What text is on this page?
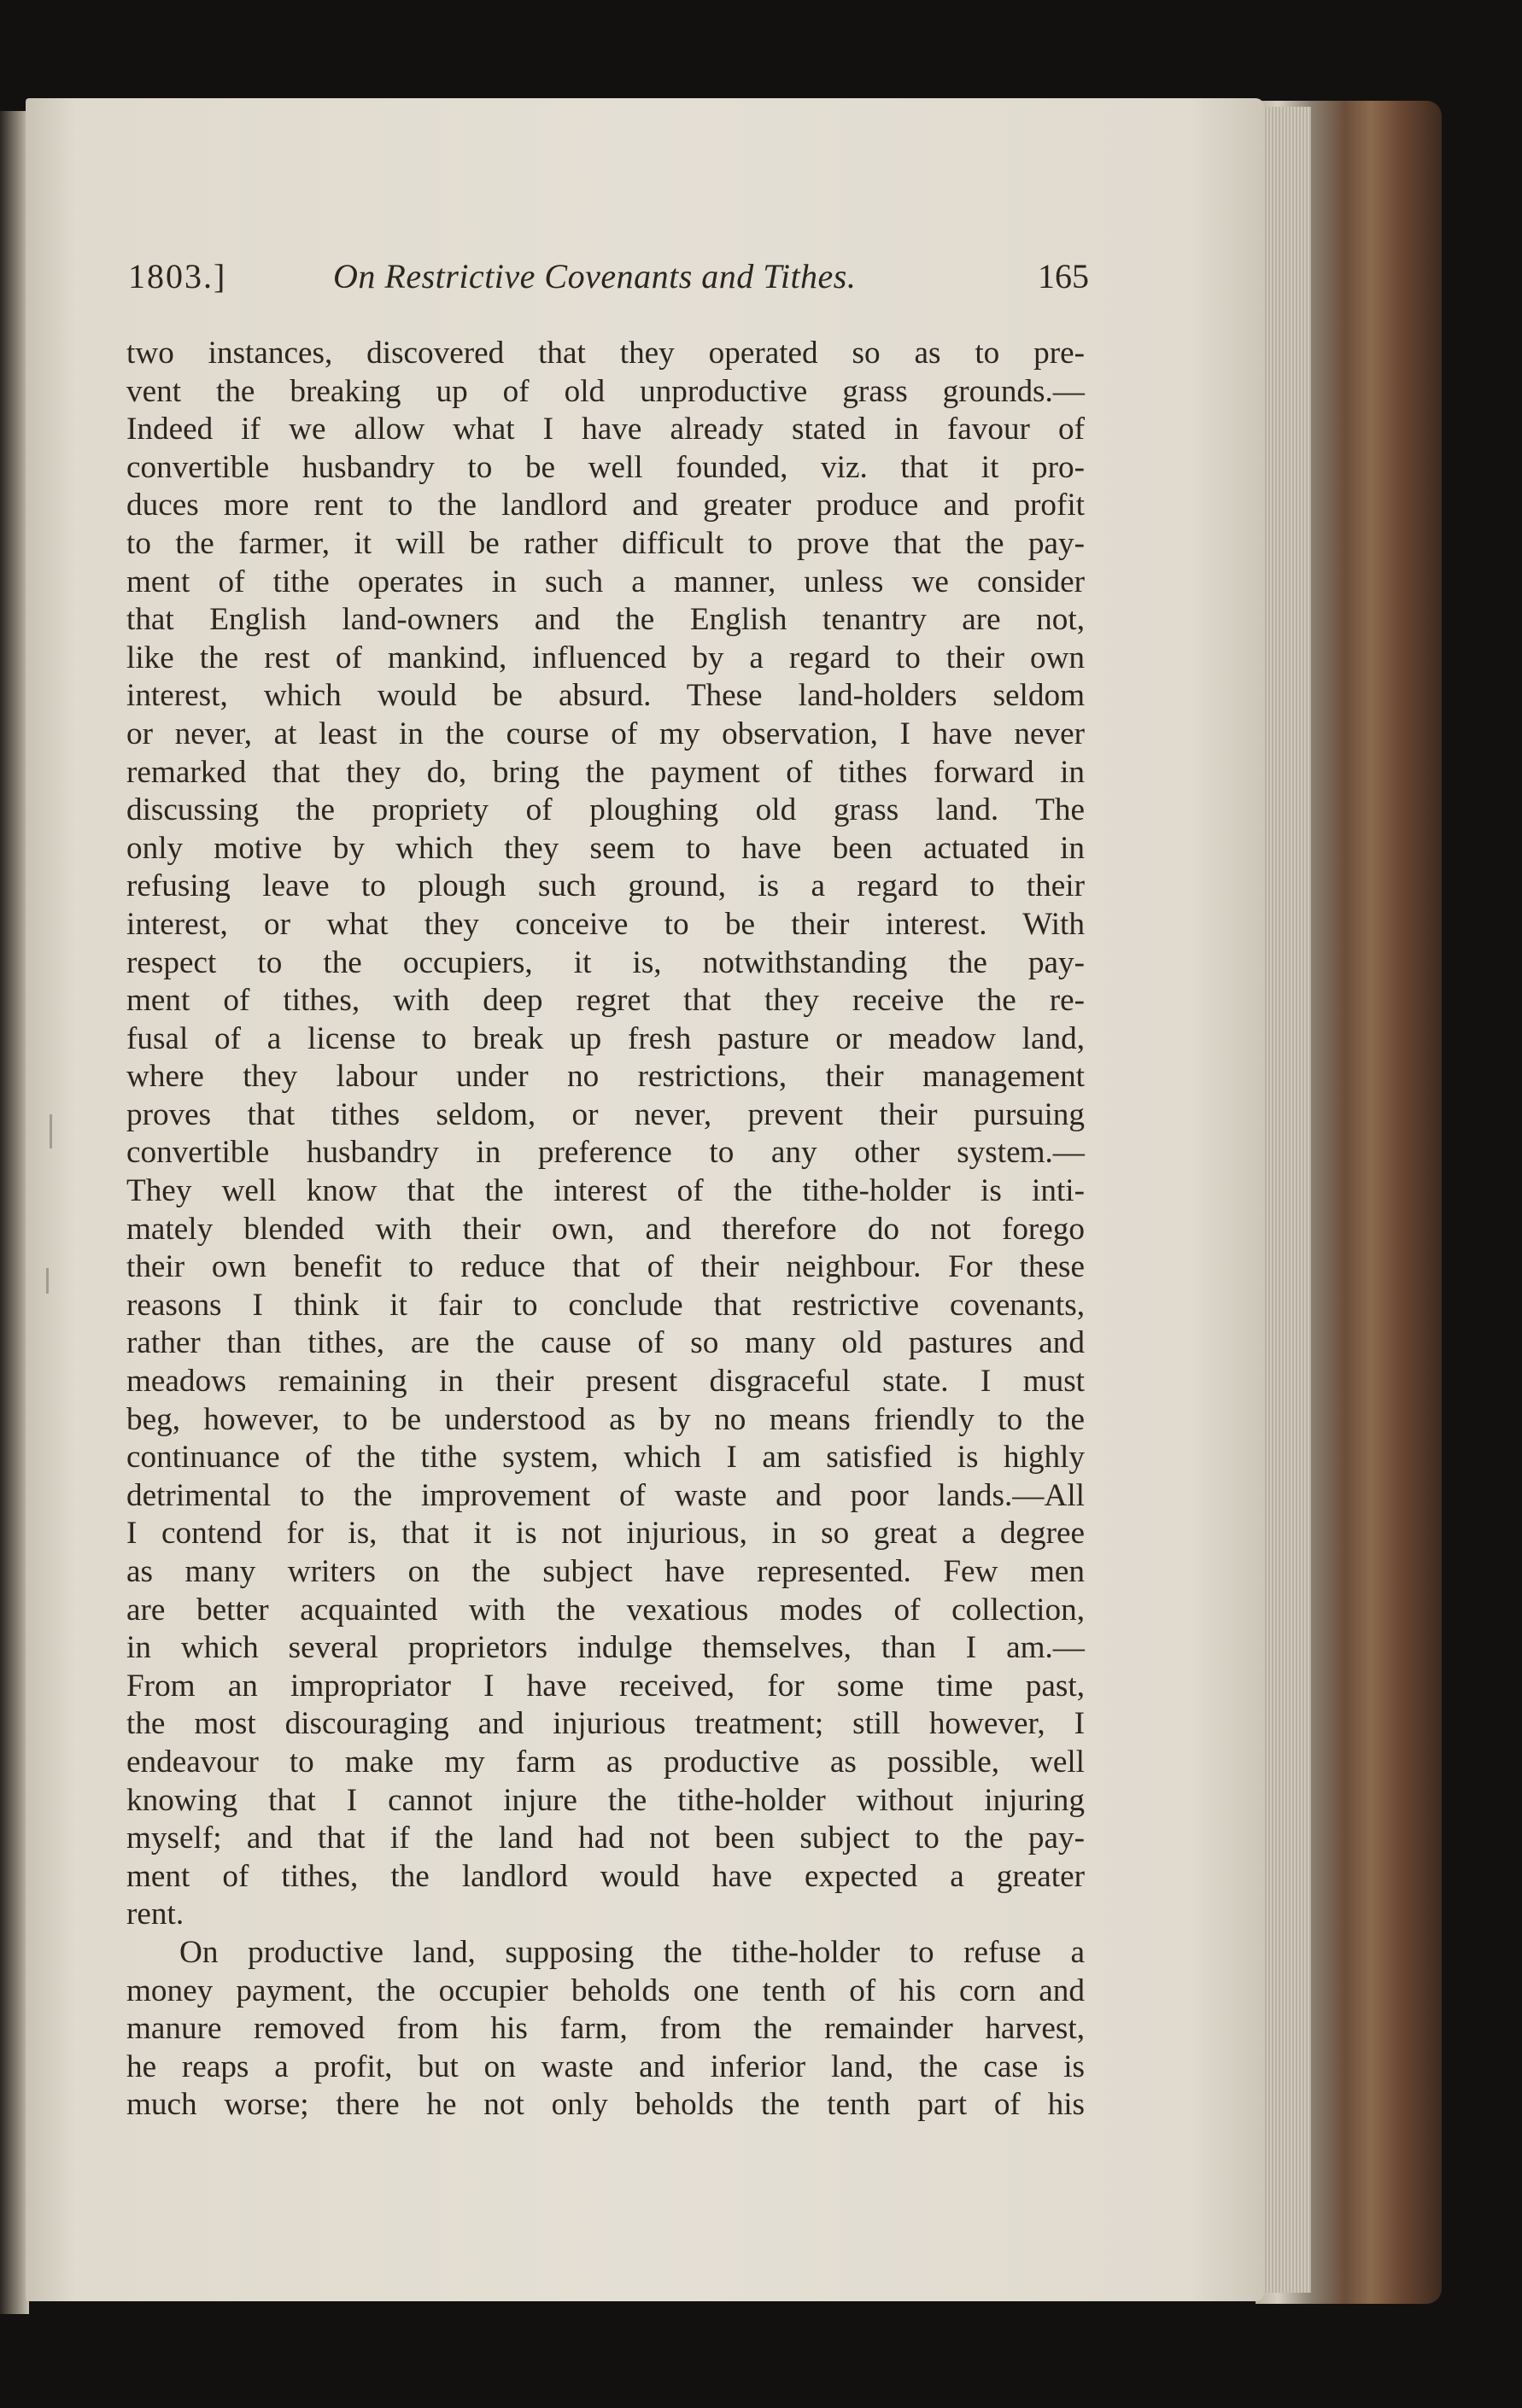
1803.]	On Restrictive Covenants and Tithes.	165
two instances, discovered that they operated so as to pre-
vent the breaking up of old unproductive grass grounds.—
Indeed if we allow what I have already stated in favour of
convertible husbandry to be well founded, viz. that it pro-
duces more rent to the landlord and greater produce and profit
to the farmer, it will be rather difficult to prove that the pay-
ment of tithe operates in such a manner, unless we consider
that English land-owners and the English tenantry are not,
like the rest of mankind, influenced by a regard to their own
interest, which would be absurd. These land-holders seldom
or never, at least in the course of my observation, I have never
remarked that they do, bring the payment of tithes forward in
discussing the propriety of ploughing old grass land. The
only motive by which they seem to have been actuated in
refusing leave to plough such ground, is a regard to their
interest, or what they conceive to be their interest. With
respect to the occupiers, it is, notwithstanding the pay-
ment of tithes, with deep regret that they receive the re-
fusal of a license to break up fresh pasture or meadow land,
where they labour under no restrictions, their management
proves that tithes seldom, or never, prevent their pursuing
convertible husbandry in preference to any other system.—
They well know that the interest of the tithe-holder is inti-
mately blended with their own, and therefore do not forego
their own benefit to reduce that of their neighbour. For these
reasons I think it fair to conclude that restrictive covenants,
rather than tithes, are the cause of so many old pastures and
meadows remaining in their present disgraceful state. I must
beg, however, to be understood as by no means friendly to the
continuance of the tithe system, which I am satisfied is highly
detrimental to the improvement of waste and poor lands.—All
I contend for is, that it is not injurious, in so great a degree
as many writers on the subject have represented. Few men
are better acquainted with the vexatious modes of collection,
in which several proprietors indulge themselves, than I am.—
From an impropriator I have received, for some time past,
the most discouraging and injurious treatment; still however, I
endeavour to make my farm as productive as possible, well
knowing that I cannot injure the tithe-holder without injuring
myself; and that if the land had not been subject to the pay-
ment of tithes, the landlord would have expected a greater
rent.
On productive land, supposing the tithe-holder to refuse a
money payment, the occupier beholds one tenth of his corn and
manure removed from his farm, from the remainder harvest,
he reaps a profit, but on waste and inferior land, the case is
much worse; there he not only beholds the tenth part of his
